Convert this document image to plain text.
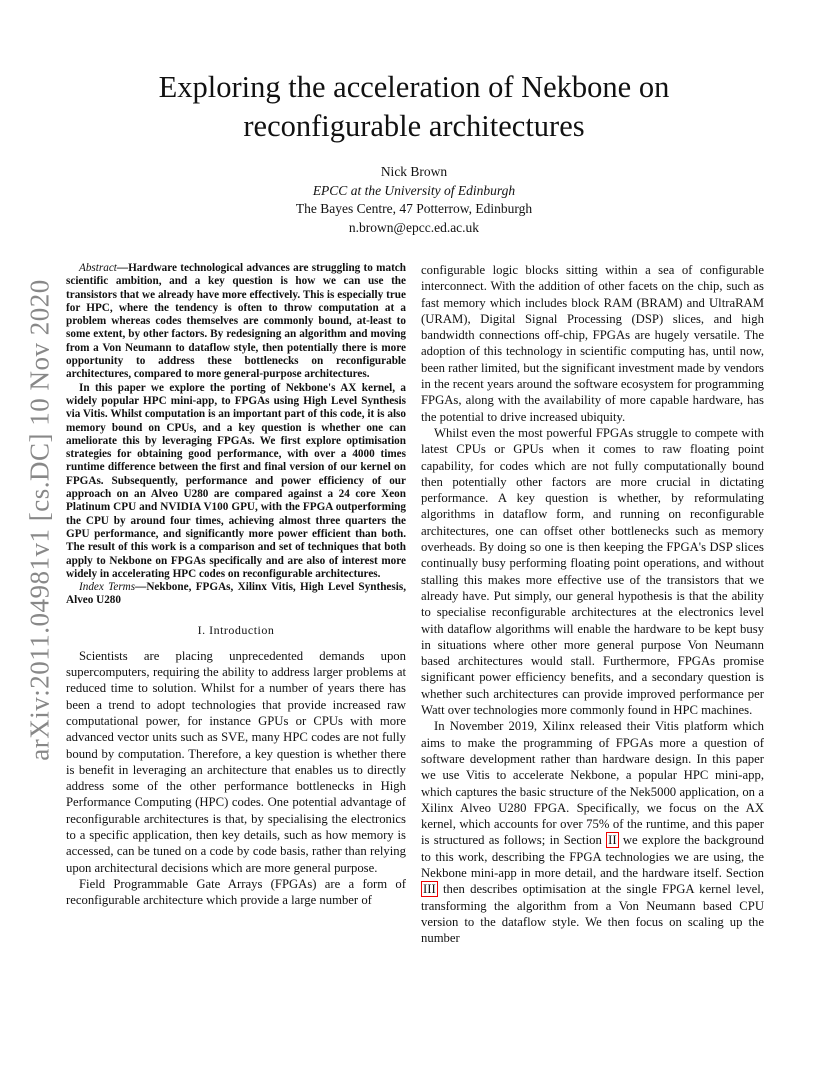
arXiv:2011.04981v1 [cs.DC] 10 Nov 2020
Exploring the acceleration of Nekbone on
reconfigurable architectures
Nick Brown
EPCC at the University of Edinburgh
The Bayes Centre, 47 Potterrow, Edinburgh
n.brown@epcc.ed.ac.uk

Abstract—Hardware technological advances are struggling to match scientific ambition, and a key question is how we can use the transistors that we already have more effectively. This is especially true for HPC, where the tendency is often to throw computation at a problem whereas codes themselves are commonly bound, at-least to some extent, by other factors. By redesigning an algorithm and moving from a Von Neumann to dataflow style, then potentially there is more opportunity to address these bottlenecks on reconfigurable architectures, compared to more general-purpose architectures.

In this paper we explore the porting of Nekbone's AX kernel, a widely popular HPC mini-app, to FPGAs using High Level Synthesis via Vitis. Whilst computation is an important part of this code, it is also memory bound on CPUs, and a key question is whether one can ameliorate this by leveraging FPGAs. We first explore optimisation strategies for obtaining good performance, with over a 4000 times runtime difference between the first and final version of our kernel on FPGAs. Subsequently, performance and power efficiency of our approach on an Alveo U280 are compared against a 24 core Xeon Platinum CPU and NVIDIA V100 GPU, with the FPGA outperforming the CPU by around four times, achieving almost three quarters the GPU performance, and significantly more power efficient than both. The result of this work is a comparison and set of techniques that both apply to Nekbone on FPGAs specifically and are also of interest more widely in accelerating HPC codes on reconfigurable architectures.

Index Terms—Nekbone, FPGAs, Xilinx Vitis, High Level Synthesis, Alveo U280

I. Introduction

Scientists are placing unprecedented demands upon supercomputers, requiring the ability to address larger problems at reduced time to solution. Whilst for a number of years there has been a trend to adopt technologies that provide increased raw computational power, for instance GPUs or CPUs with more advanced vector units such as SVE, many HPC codes are not fully bound by computation. Therefore, a key question is whether there is benefit in leveraging an architecture that enables us to directly address some of the other performance bottlenecks in High Performance Computing (HPC) codes. One potential advantage of reconfigurable architectures is that, by specialising the electronics to a specific application, then key details, such as how memory is accessed, can be tuned on a code by code basis, rather than relying upon architectural decisions which are more general purpose.

Field Programmable Gate Arrays (FPGAs) are a form of reconfigurable architecture which provide a large number of

configurable logic blocks sitting within a sea of configurable interconnect. With the addition of other facets on the chip, such as fast memory which includes block RAM (BRAM) and UltraRAM (URAM), Digital Signal Processing (DSP) slices, and high bandwidth connections off-chip, FPGAs are hugely versatile. The adoption of this technology in scientific computing has, until now, been rather limited, but the significant investment made by vendors in the recent years around the software ecosystem for programming FPGAs, along with the availability of more capable hardware, has the potential to drive increased ubiquity.

Whilst even the most powerful FPGAs struggle to compete with latest CPUs or GPUs when it comes to raw floating point capability, for codes which are not fully computationally bound then potentially other factors are more crucial in dictating performance. A key question is whether, by reformulating algorithms in dataflow form, and running on reconfigurable architectures, one can offset other bottlenecks such as memory overheads. By doing so one is then keeping the FPGA's DSP slices continually busy performing floating point operations, and without stalling this makes more effective use of the transistors that we already have. Put simply, our general hypothesis is that the ability to specialise reconfigurable architectures at the electronics level with dataflow algorithms will enable the hardware to be kept busy in situations where other more general purpose Von Neumann based architectures would stall. Furthermore, FPGAs promise significant power efficiency benefits, and a secondary question is whether such architectures can provide improved performance per Watt over technologies more commonly found in HPC machines.

In November 2019, Xilinx released their Vitis platform which aims to make the programming of FPGAs more a question of software development rather than hardware design. In this paper we use Vitis to accelerate Nekbone, a popular HPC mini-app, which captures the basic structure of the Nek5000 application, on a Xilinx Alveo U280 FPGA. Specifically, we focus on the AX kernel, which accounts for over 75% of the runtime, and this paper is structured as follows; in Section II we explore the background to this work, describing the FPGA technologies we are using, the Nekbone mini-app in more detail, and the hardware itself. Section III then describes optimisation at the single FPGA kernel level, transforming the algorithm from a Von Neumann based CPU version to the dataflow style. We then focus on scaling up the number
